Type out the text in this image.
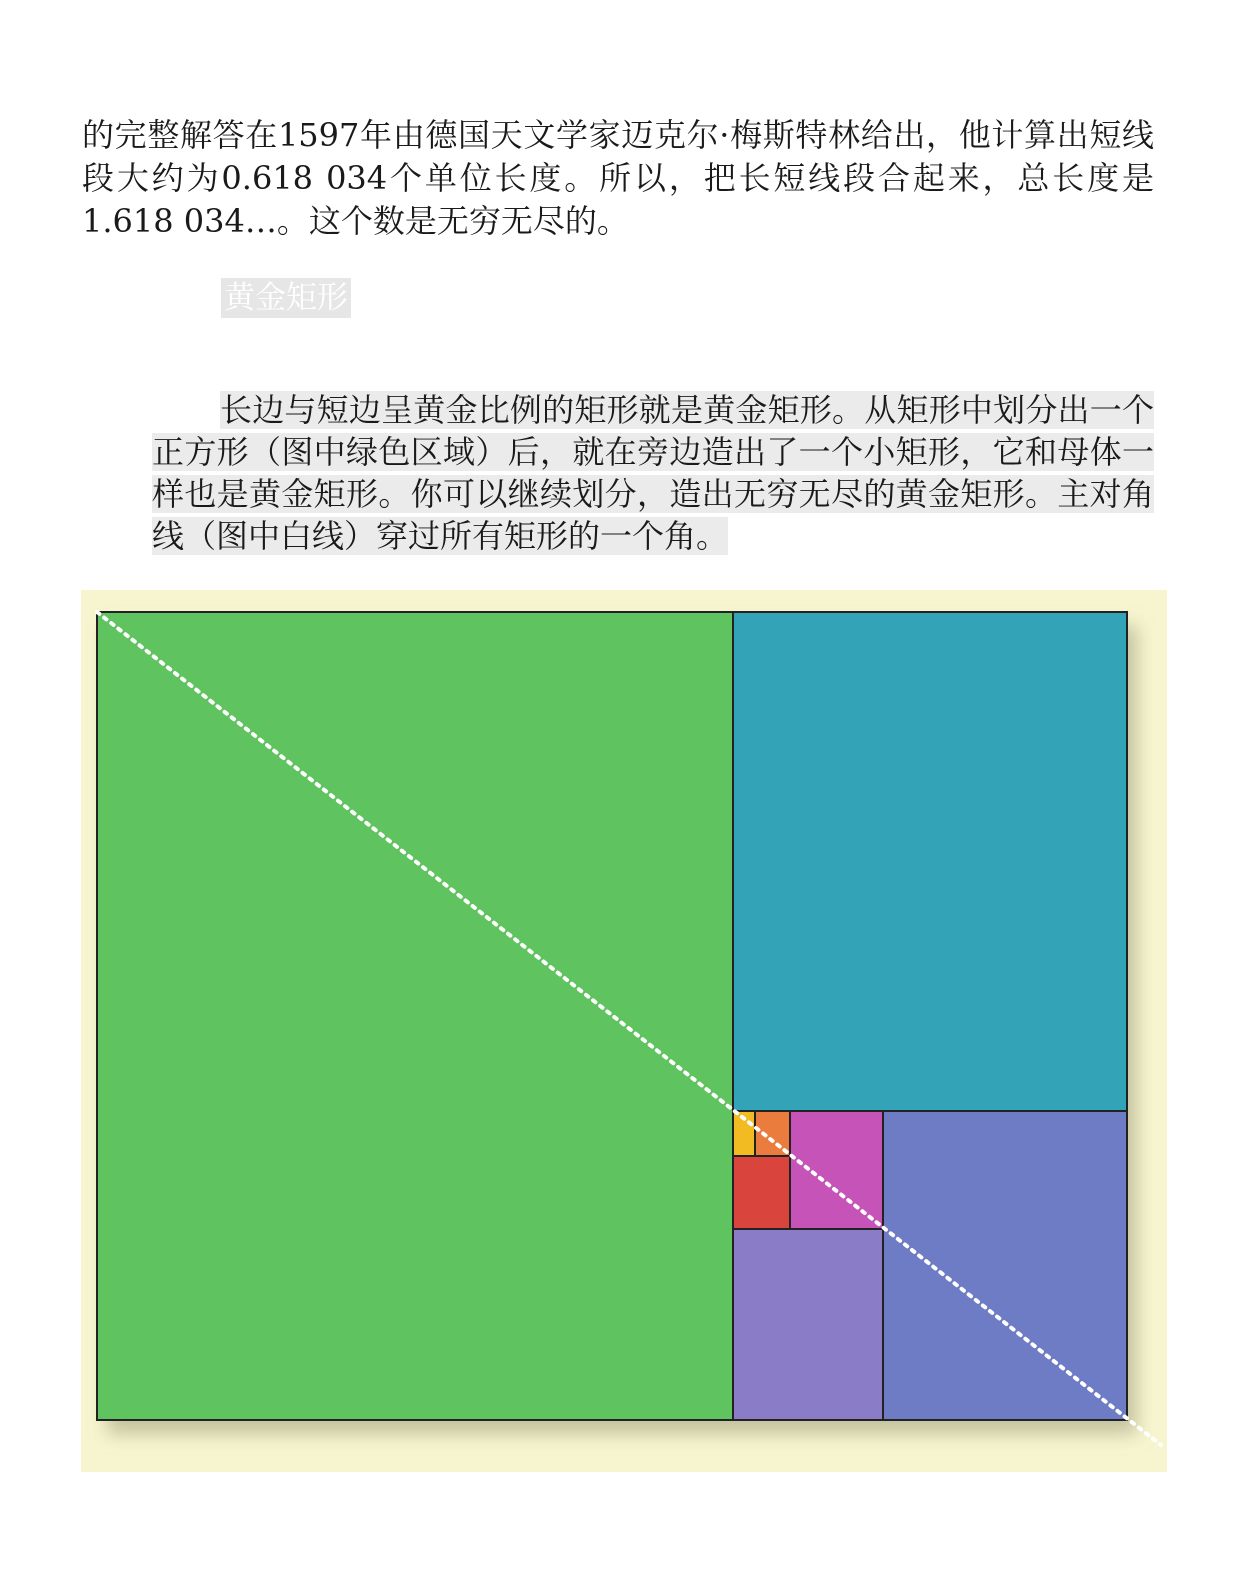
的完整解答在1597年由德国天文学家迈克尔·梅斯特林给出，他计算出短线段大约为0.618 034个单位长度。所以，把长短线段合起来，总长度是1.618 034…。这个数是无穷无尽的。

黄金矩形

长边与短边呈黄金比例的矩形就是黄金矩形。从矩形中划分出一个正方形（图中绿色区域）后，就在旁边造出了一个小矩形，它和母体一样也是黄金矩形。你可以继续划分，造出无穷无尽的黄金矩形。主对角线（图中白线）穿过所有矩形的一个角。
